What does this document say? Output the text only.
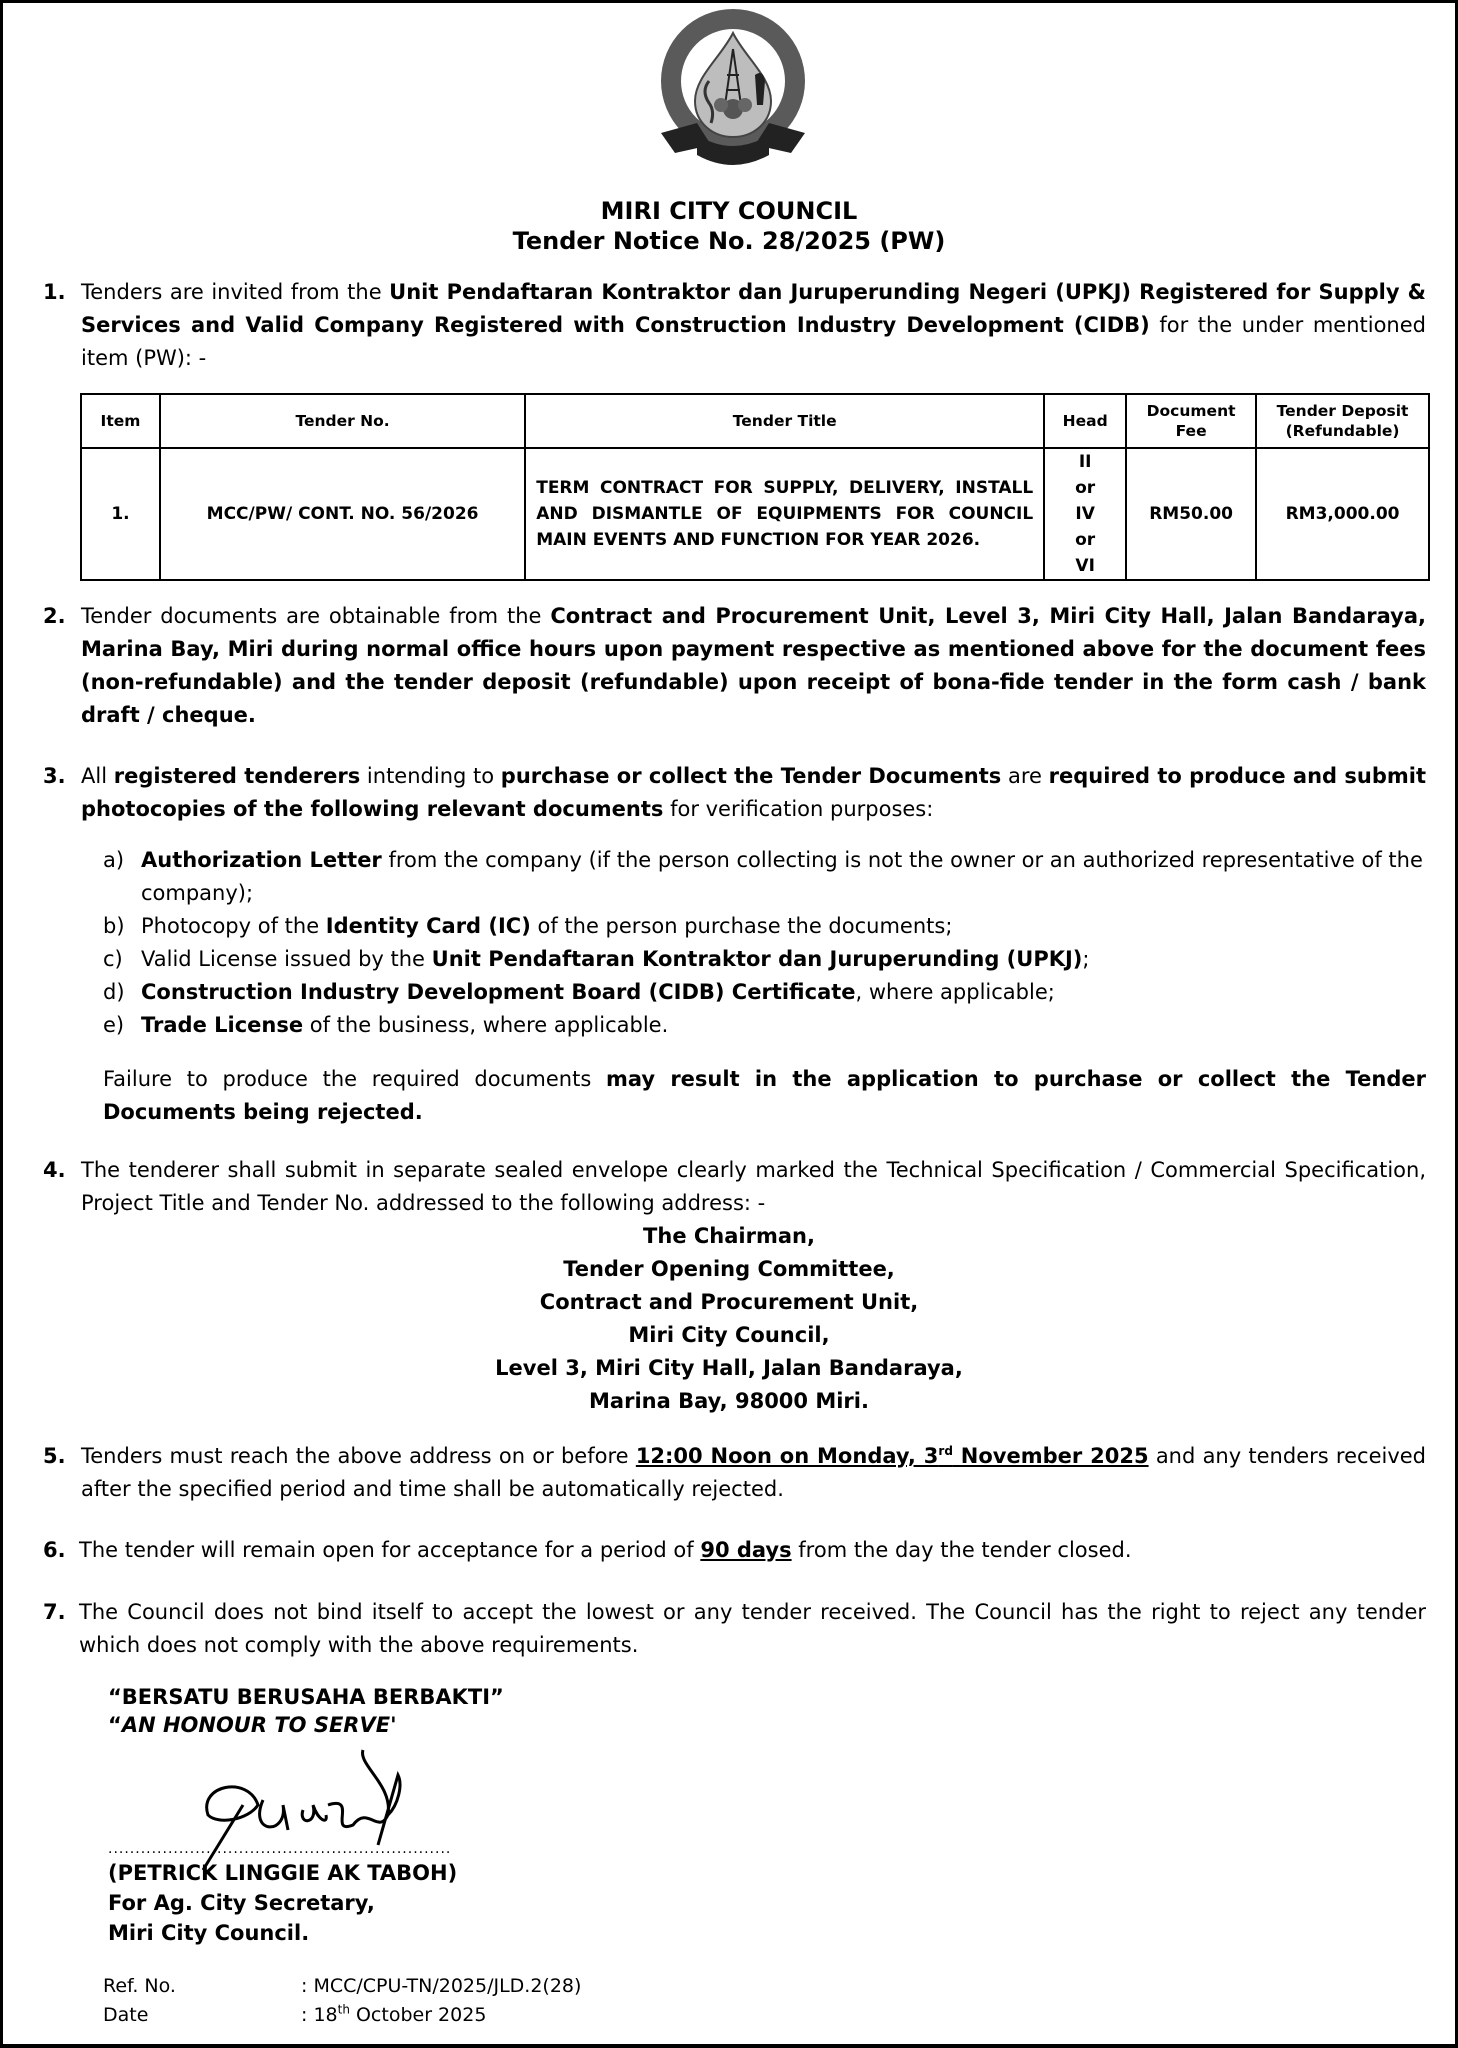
MIRI CITY COUNCIL
Tender Notice No. 28/2025 (PW)
1. Tenders are invited from the Unit Pendaftaran Kontraktor dan Juruperunding Negeri (UPKJ) Registered for Supply & Services and Valid Company Registered with Construction Industry Development (CIDB) for the under mentioned item (PW): -
Item	Tender No.	Tender Title	Head	Document Fee	Tender Deposit (Refundable)
1.	MCC/PW/ CONT. NO. 56/2026	TERM CONTRACT FOR SUPPLY, DELIVERY, INSTALL AND DISMANTLE OF EQUIPMENTS FOR COUNCIL MAIN EVENTS AND FUNCTION FOR YEAR 2026.	II
or
IV
or
VI	RM50.00	RM3,000.00
2. Tender documents are obtainable from the Contract and Procurement Unit, Level 3, Miri City Hall, Jalan Bandaraya, Marina Bay, Miri during normal office hours upon payment respective as mentioned above for the document fees (non-refundable) and the tender deposit (refundable) upon receipt of bona-fide tender in the form cash / bank draft / cheque.
3. All registered tenderers intending to purchase or collect the Tender Documents are required to produce and submit photocopies of the following relevant documents for verification purposes:
a) Authorization Letter from the company (if the person collecting is not the owner or an authorized representative of the company);
b) Photocopy of the Identity Card (IC) of the person purchase the documents;
c) Valid License issued by the Unit Pendaftaran Kontraktor dan Juruperunding (UPKJ);
d) Construction Industry Development Board (CIDB) Certificate, where applicable;
e) Trade License of the business, where applicable.
Failure to produce the required documents may result in the application to purchase or collect the Tender Documents being rejected.
4. The tenderer shall submit in separate sealed envelope clearly marked the Technical Specification / Commercial Specification, Project Title and Tender No. addressed to the following address: -
The Chairman,
Tender Opening Committee,
Contract and Procurement Unit,
Miri City Council,
Level 3, Miri City Hall, Jalan Bandaraya,
Marina Bay, 98000 Miri.
5. Tenders must reach the above address on or before 12:00 Noon on Monday, 3rd November 2025 and any tenders received after the specified period and time shall be automatically rejected.
6. The tender will remain open for acceptance for a period of 90 days from the day the tender closed.
7. The Council does not bind itself to accept the lowest or any tender received. The Council has the right to reject any tender which does not comply with the above requirements.
“BERSATU BERUSAHA BERBAKTI”
“AN HONOUR TO SERVE'
...............................................................
(PETRICK LINGGIE AK TABOH)
For Ag. City Secretary,
Miri City Council.
Ref. No.	: MCC/CPU-TN/2025/JLD.2(28)
Date	: 18th October 2025
